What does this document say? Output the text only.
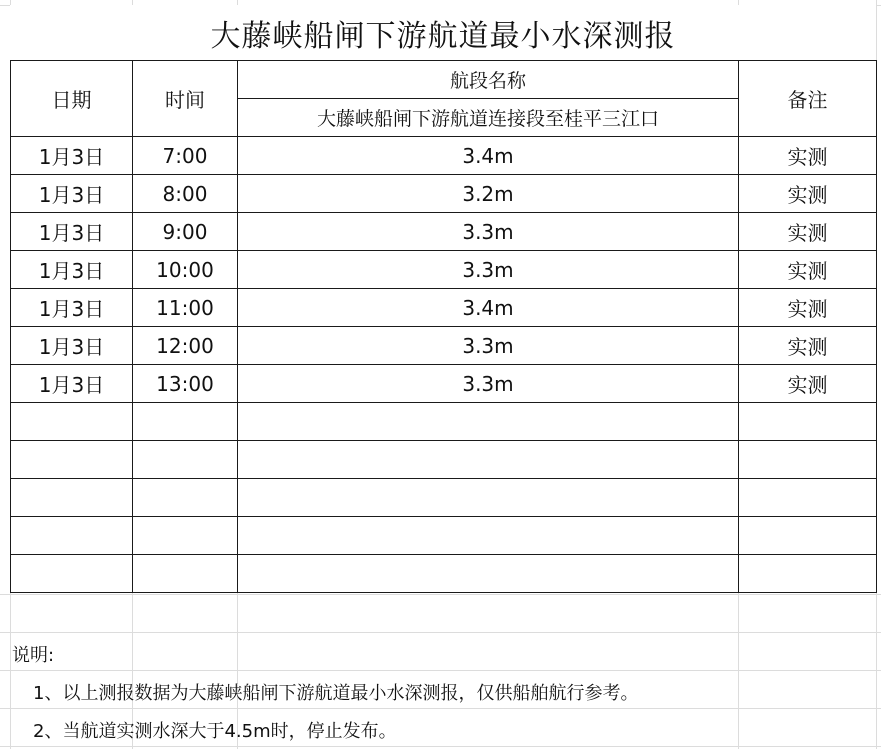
大藤峡船闸下游航道最小水深测报
日期	时间	航段名称	备注
		大藤峡船闸下游航道连接段至桂平三江口	
1月3日	7:00	3.4m	实测
1月3日	8:00	3.2m	实测
1月3日	9:00	3.3m	实测
1月3日	10:00	3.3m	实测
1月3日	11:00	3.4m	实测
1月3日	12:00	3.3m	实测
1月3日	13:00	3.3m	实测

说明:
1、以上测报数据为大藤峡船闸下游航道最小水深测报，仅供船舶航行参考。
2、当航道实测水深大于4.5m时，停止发布。
